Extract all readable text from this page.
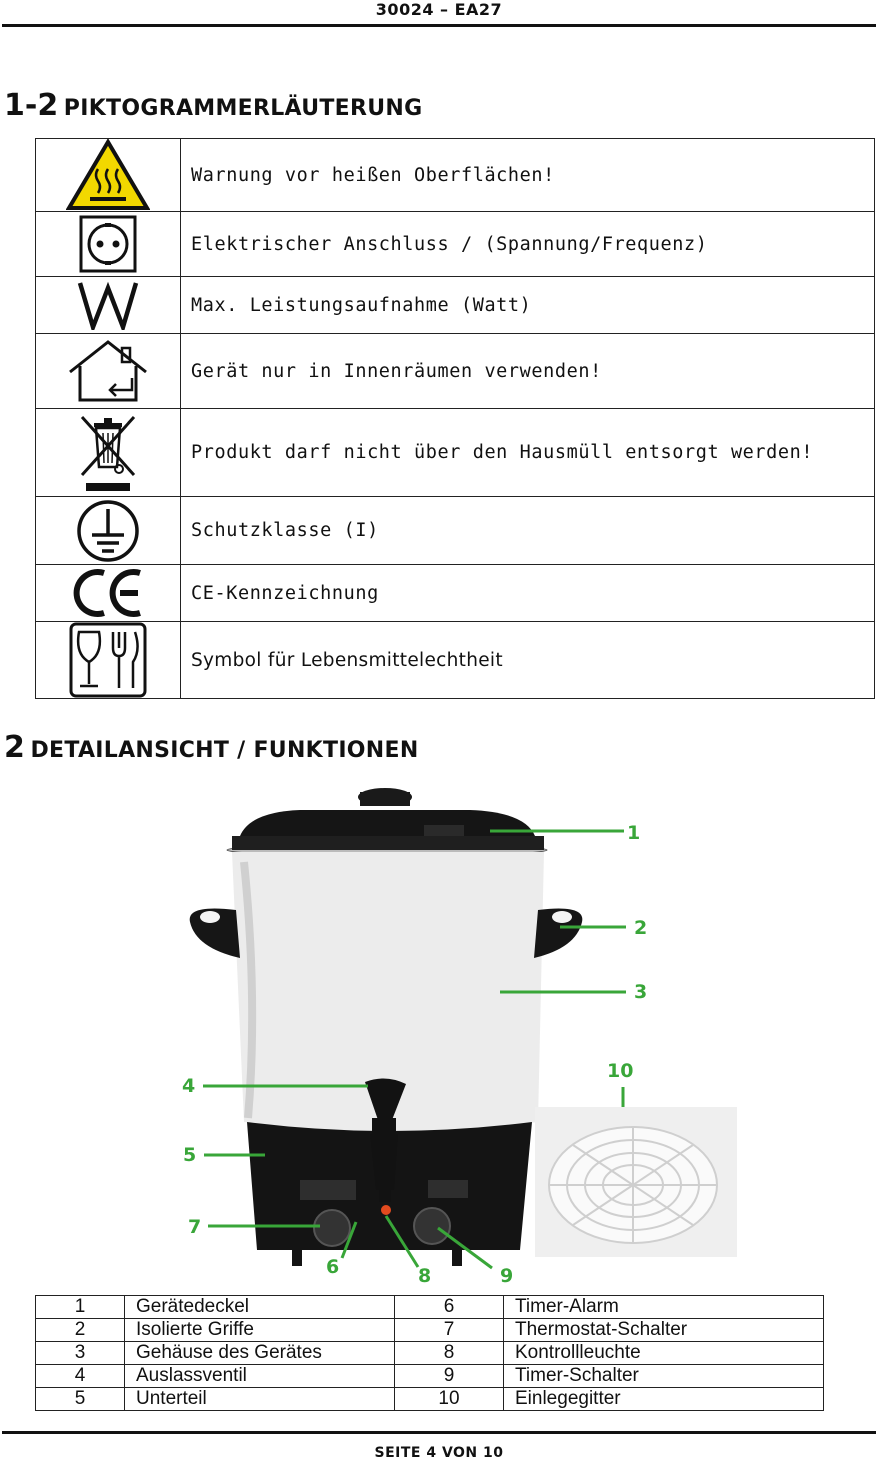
30024 – EA27
1-2 PIKTOGRAMMERLÄUTERUNG
	Warnung vor heißen Oberflächen!

	Elektrischer Anschluss / (Spannung/Frequenz)

	Max. Leistungsaufnahme (Watt)

	Gerät nur in Innenräumen verwenden!

	Produkt darf nicht über den Hausmüll entsorgt werden!

	Schutzklasse (I)

	CE-Kennzeichnung

	Symbol für Lebensmittelechtheit
2 DETAILANSICHT / FUNKTIONEN
1
2
3
4
5
6
7
8	9
10
1	Gerätedeckel	6	Timer-Alarm
2	Isolierte Griffe	7	Thermostat-Schalter
3	Gehäuse des Gerätes	8	Kontrollleuchte
4	Auslassventil	9	Timer-Schalter
5	Unterteil	10	Einlegegitter
SEITE 4 VON 10
